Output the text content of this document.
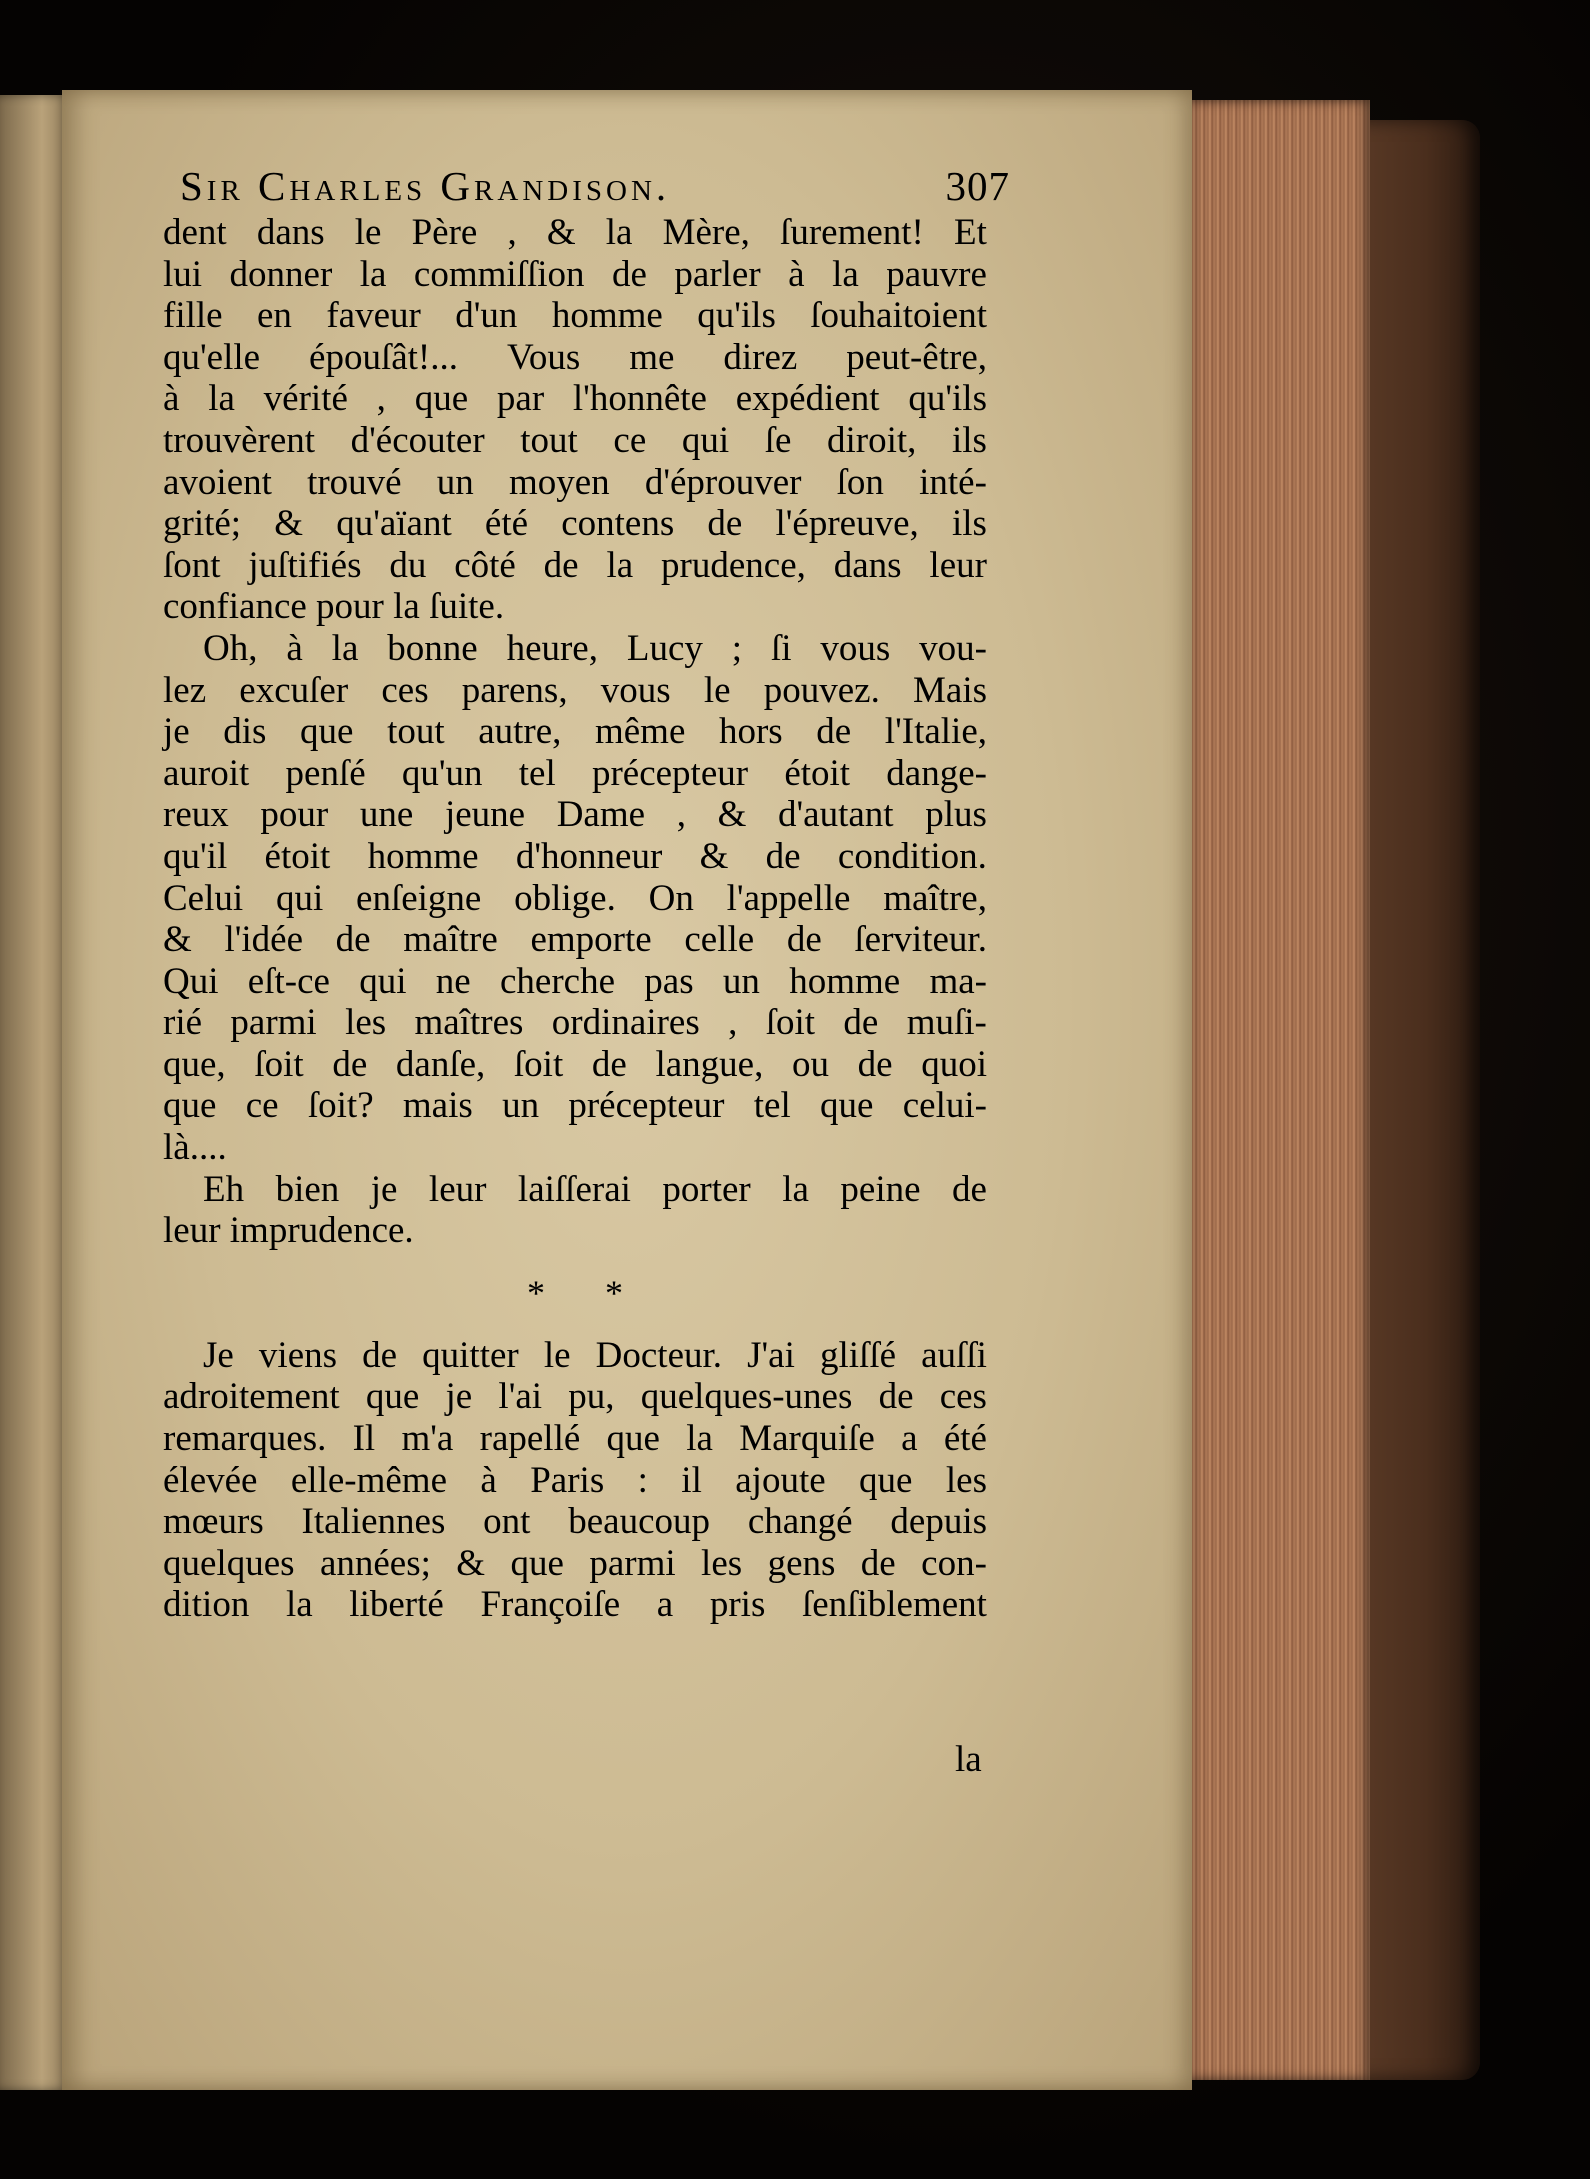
Sir Charles Grandison.	307
dent dans le Père , & la Mère, ſurement! Et
lui donner la commiſſion de parler à la pauvre
fille en faveur d'un homme qu'ils ſouhaitoient
qu'elle épouſât!... Vous me direz peut-être,
à la vérité , que par l'honnête expédient qu'ils
trouvèrent d'écouter tout ce qui ſe diroit, ils
avoient trouvé un moyen d'éprouver ſon inté-
grité; & qu'aïant été contens de l'épreuve, ils
ſont juſtifiés du côté de la prudence, dans leur
confiance pour la ſuite.
Oh, à la bonne heure, Lucy ; ſi vous vou-
lez excuſer ces parens, vous le pouvez. Mais
je dis que tout autre, même hors de l'Italie,
auroit penſé qu'un tel précepteur étoit dange-
reux pour une jeune Dame , & d'autant plus
qu'il étoit homme d'honneur & de condition.
Celui qui enſeigne oblige. On l'appelle maître,
& l'idée de maître emporte celle de ſerviteur.
Qui eſt-ce qui ne cherche pas un homme ma-
rié parmi les maîtres ordinaires , ſoit de muſi-
que, ſoit de danſe, ſoit de langue, ou de quoi
que ce ſoit? mais un précepteur tel que celui-
là....
Eh bien je leur laiſſerai porter la peine de
leur imprudence.
* *
Je viens de quitter le Docteur. J'ai gliſſé auſſi
adroitement que je l'ai pu, quelques-unes de ces
remarques. Il m'a rapellé que la Marquiſe a été
élevée elle-même à Paris : il ajoute que les
mœurs Italiennes ont beaucoup changé depuis
quelques années; & que parmi les gens de con-
dition la liberté Françoiſe a pris ſenſiblement
la
